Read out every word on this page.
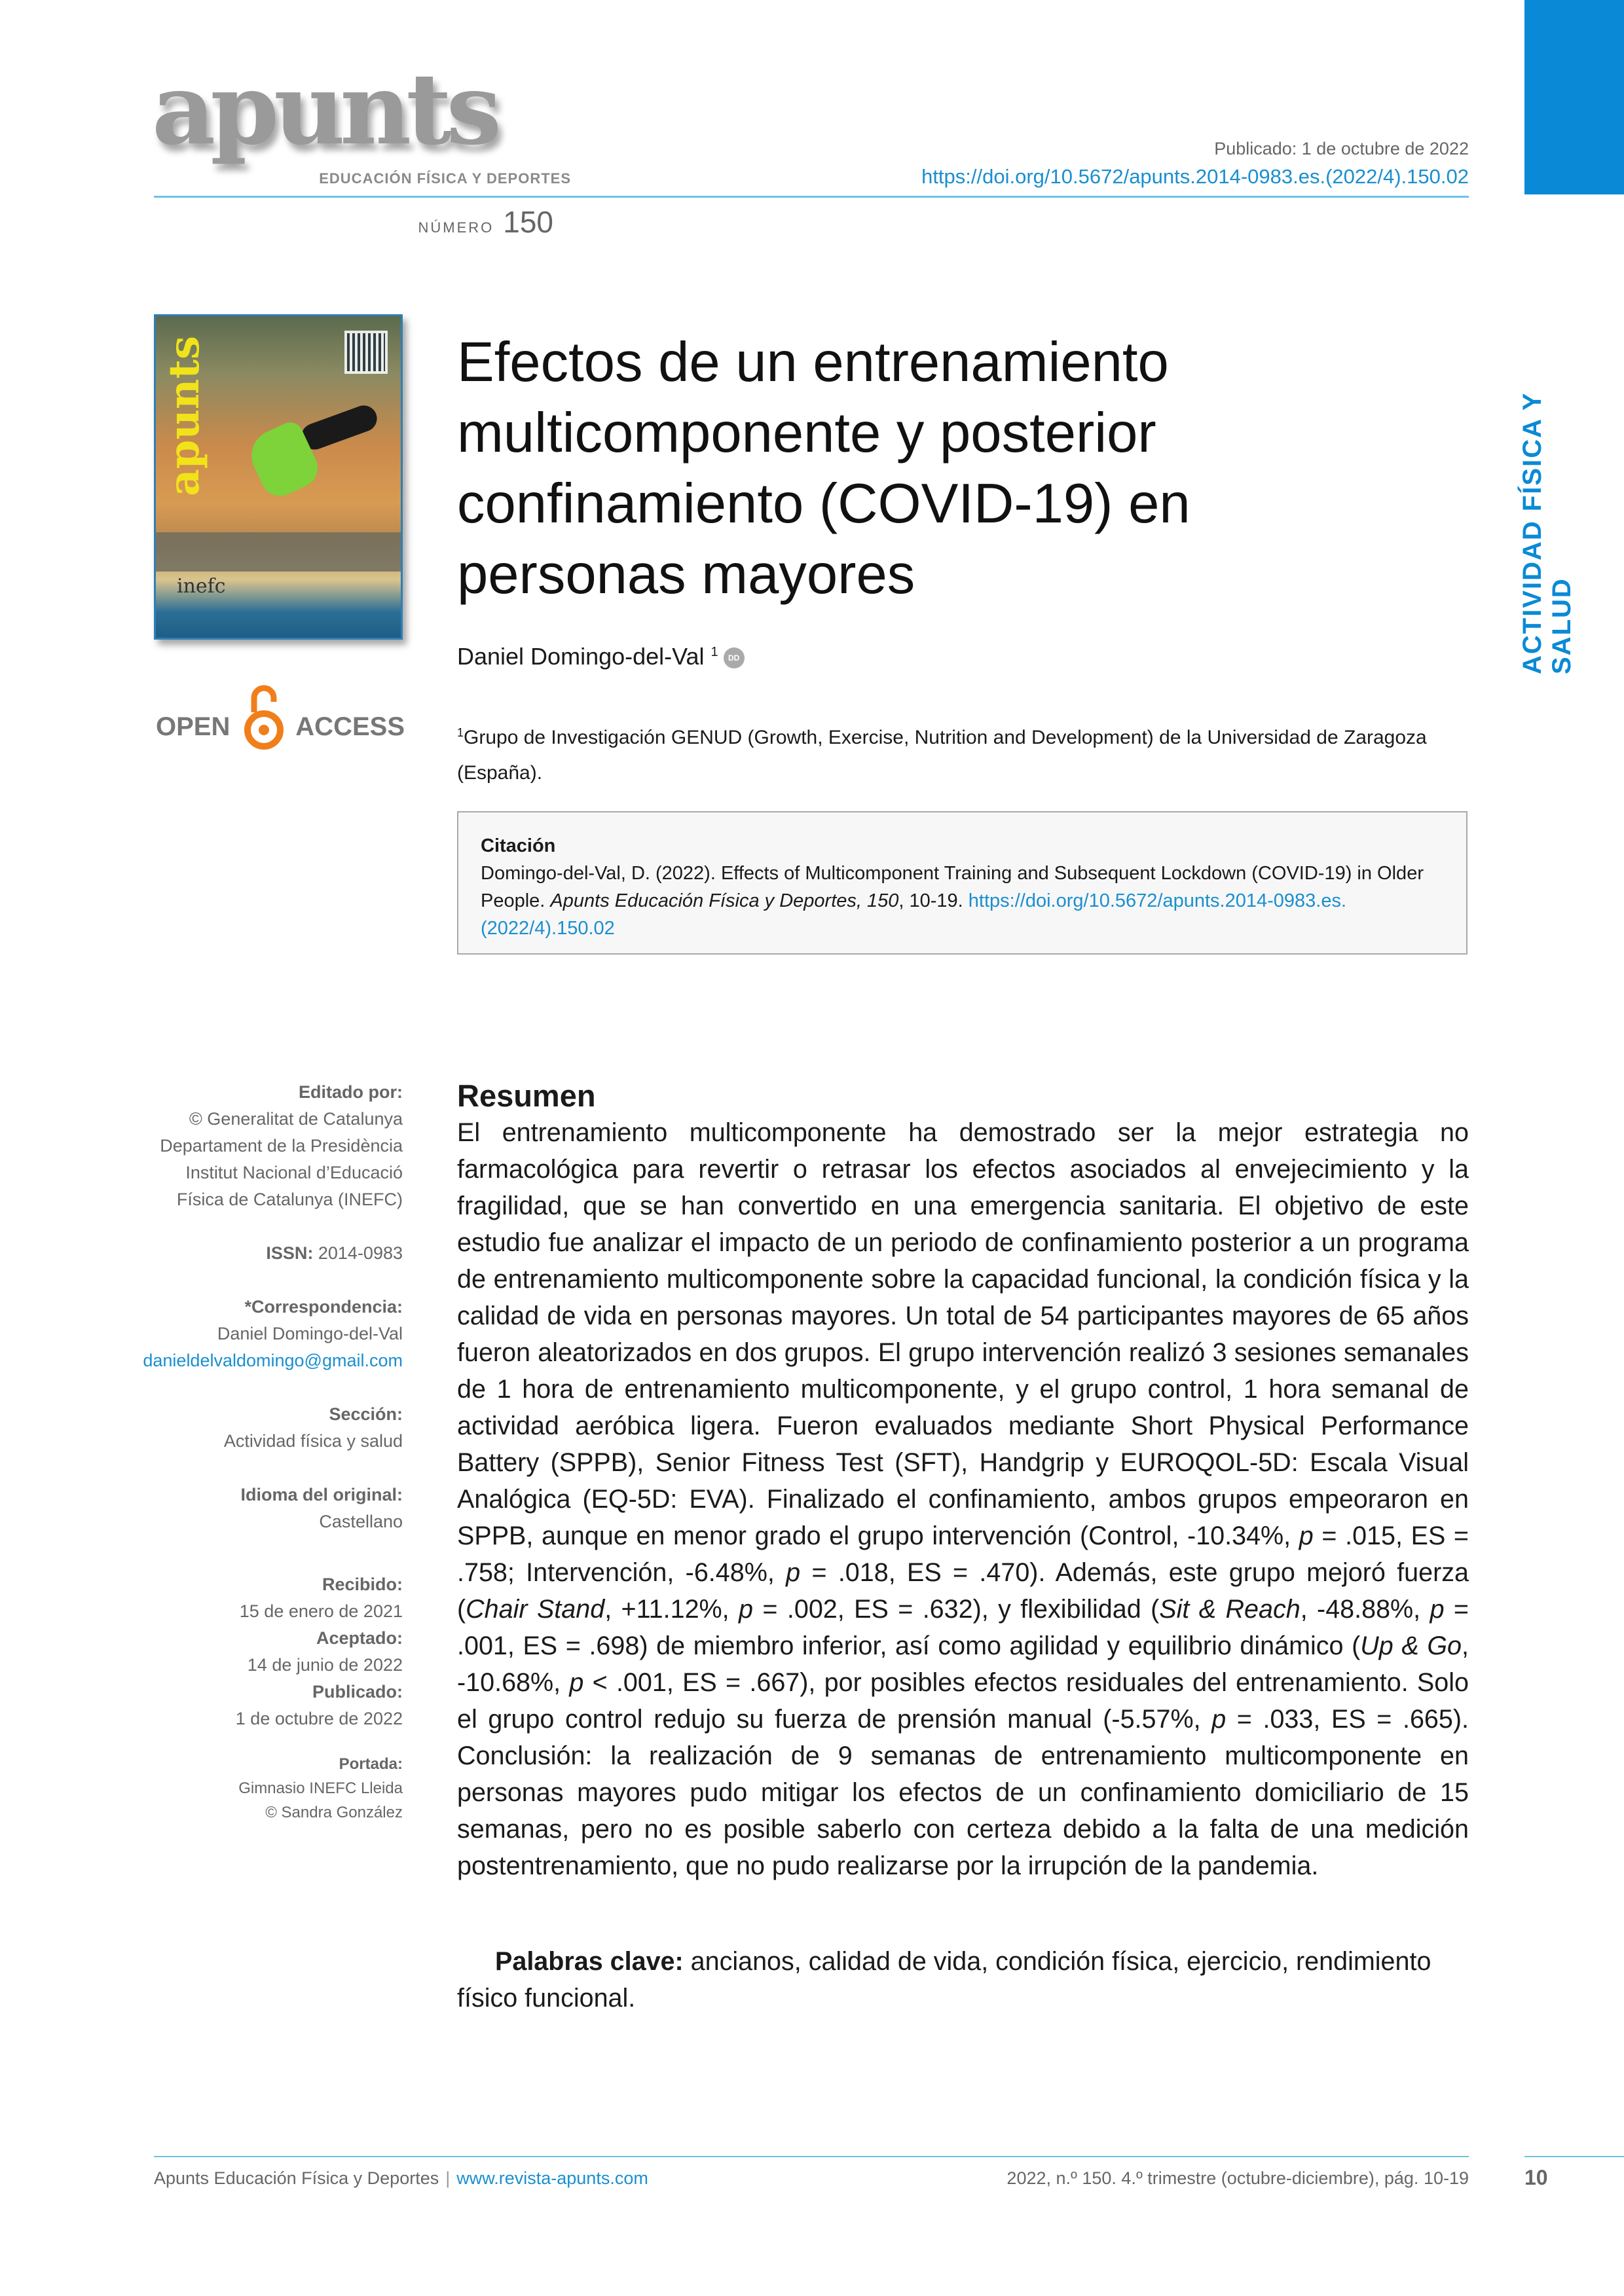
apunts
EDUCACIÓN FÍSICA Y DEPORTES
Publicado: 1 de octubre de 2022
https://doi.org/10.5672/apunts.2014-0983.es.(2022/4).150.02
NÚMERO 150
apunts
inefc
Efectos de un entrenamiento multicomponente y posterior confinamiento (COVID-19) en personas mayores
Daniel Domingo-del-Val $^1$ DD
OPEN ACCESS	$^1$Grupo de Investigación GENUD (Growth, Exercise, Nutrition and Development) de la Universidad de Zaragoza (España).
Citación
Domingo-del-Val, D. (2022). Effects of Multicomponent Training and Subsequent Lockdown (COVID-19) in Older People. Apunts Educación Física y Deportes, 150, 10-19. https://doi.org/10.5672/apunts.2014-0983.es.(2022/4).150.02
ACTIVIDAD FÍSICA Y SALUD
Editado por:
© Generalitat de Catalunya
Departament de la Presidència
Institut Nacional d’Educació
Física de Catalunya (INEFC)
ISSN: 2014-0983
*Correspondencia:
Daniel Domingo-del-Val
danieldelvaldomingo@gmail.com
Sección:
Actividad física y salud
Idioma del original:
Castellano
Recibido:
15 de enero de 2021
Aceptado:
14 de junio de 2022
Publicado:
1 de octubre de 2022
Portada:
Gimnasio INEFC Lleida
© Sandra González
Resumen
El entrenamiento multicomponente ha demostrado ser la mejor estrategia no farmacológica para revertir o retrasar los efectos asociados al envejecimiento y la fragilidad, que se han convertido en una emergencia sanitaria. El objetivo de este estudio fue analizar el impacto de un periodo de confinamiento posterior a un programa de entrenamiento multicomponente sobre la capacidad funcional, la condición física y la calidad de vida en personas mayores. Un total de 54 participantes mayores de 65 años fueron aleatorizados en dos grupos. El grupo intervención realizó 3 sesiones semanales de 1 hora de entrenamiento multicomponente, y el grupo control, 1 hora semanal de actividad aeróbica ligera. Fueron evaluados mediante Short Physical Performance Battery (SPPB), Senior Fitness Test (SFT), Handgrip y EUROQOL-5D: Escala Visual Analógica (EQ-5D: EVA). Finalizado el confinamiento, ambos grupos empeoraron en SPPB, aunque en menor grado el grupo intervención (Control, -10.34%, p = .015, ES = .758; Intervención, -6.48%, p = .018, ES = .470). Además, este grupo mejoró fuerza (Chair Stand, +11.12%, p = .002, ES = .632), y flexibilidad (Sit & Reach, -48.88%, p = .001, ES = .698) de miembro inferior, así como agilidad y equilibrio dinámico (Up & Go, -10.68%, p < .001, ES = .667), por posibles efectos residuales del entrenamiento. Solo el grupo control redujo su fuerza de prensión manual (-5.57%, p = .033, ES = .665). Conclusión: la realización de 9 semanas de entrenamiento multicomponente en personas mayores pudo mitigar los efectos de un confinamiento domiciliario de 15 semanas, pero no es posible saberlo con certeza debido a la falta de una medición postentrenamiento, que no pudo realizarse por la irrupción de la pandemia.
Palabras clave: ancianos, calidad de vida, condición física, ejercicio, rendimiento físico funcional.
Apunts Educación Física y Deportes | www.revista-apunts.com	2022, n.º 150. 4.º trimestre (octubre-diciembre), pág. 10-19	10
